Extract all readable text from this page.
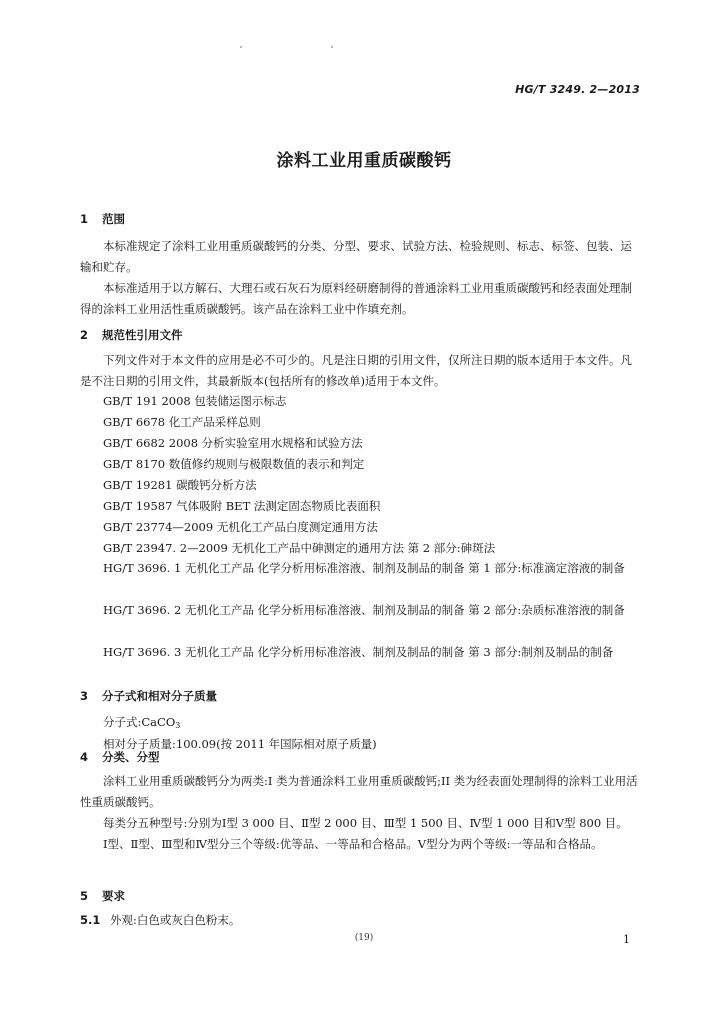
HG/T 3249. 2—2013
涂料工业用重质碳酸钙
1 范围
本标准规定了涂料工业用重质碳酸钙的分类、分型、要求、试验方法、检验规则、标志、标签、包装、运输和贮存。
本标准适用于以方解石、大理石或石灰石为原料经研磨制得的普通涂料工业用重质碳酸钙和经表面处理制得的涂料工业用活性重质碳酸钙。该产品在涂料工业中作填充剂。
2 规范性引用文件
下列文件对于本文件的应用是必不可少的。凡是注日期的引用文件，仅所注日期的版本适用于本文件。凡是不注日期的引用文件，其最新版本(包括所有的修改单)适用于本文件。
GB/T 191 2008 包装储运图示标志
GB/T 6678 化工产品采样总则
GB/T 6682 2008 分析实验室用水规格和试验方法
GB/T 8170 数值修约规则与极限数值的表示和判定
GB/T 19281 碳酸钙分析方法
GB/T 19587 气体吸附 BET 法测定固态物质比表面积
GB/T 23774—2009 无机化工产品白度测定通用方法
GB/T 23947. 2—2009 无机化工产品中砷测定的通用方法 第 2 部分:砷斑法
HG/T 3696. 1 无机化工产品 化学分析用标准溶液、制剂及制品的制备 第 1 部分:标准滴定溶液的制备
HG/T 3696. 2 无机化工产品 化学分析用标准溶液、制剂及制品的制备 第 2 部分:杂质标准溶液的制备
HG/T 3696. 3 无机化工产品 化学分析用标准溶液、制剂及制品的制备 第 3 部分:制剂及制品的制备
3 分子式和相对分子质量
分子式:CaCO$_3$
相对分子质量:100.09(按 2011 年国际相对原子质量)
4 分类、分型
涂料工业用重质碳酸钙分为两类:I 类为普通涂料工业用重质碳酸钙;II 类为经表面处理制得的涂料工业用活性重质碳酸钙。
每类分五种型号:分别为Ⅰ型 3 000 目、Ⅱ型 2 000 目、Ⅲ型 1 500 目、Ⅳ型 1 000 目和Ⅴ型 800 目。
Ⅰ型、Ⅱ型、Ⅲ型和Ⅳ型分三个等级:优等品、一等品和合格品。Ⅴ型分为两个等级:一等品和合格品。
5 要求
5.1 外观:白色或灰白色粉末。
(19)	1
